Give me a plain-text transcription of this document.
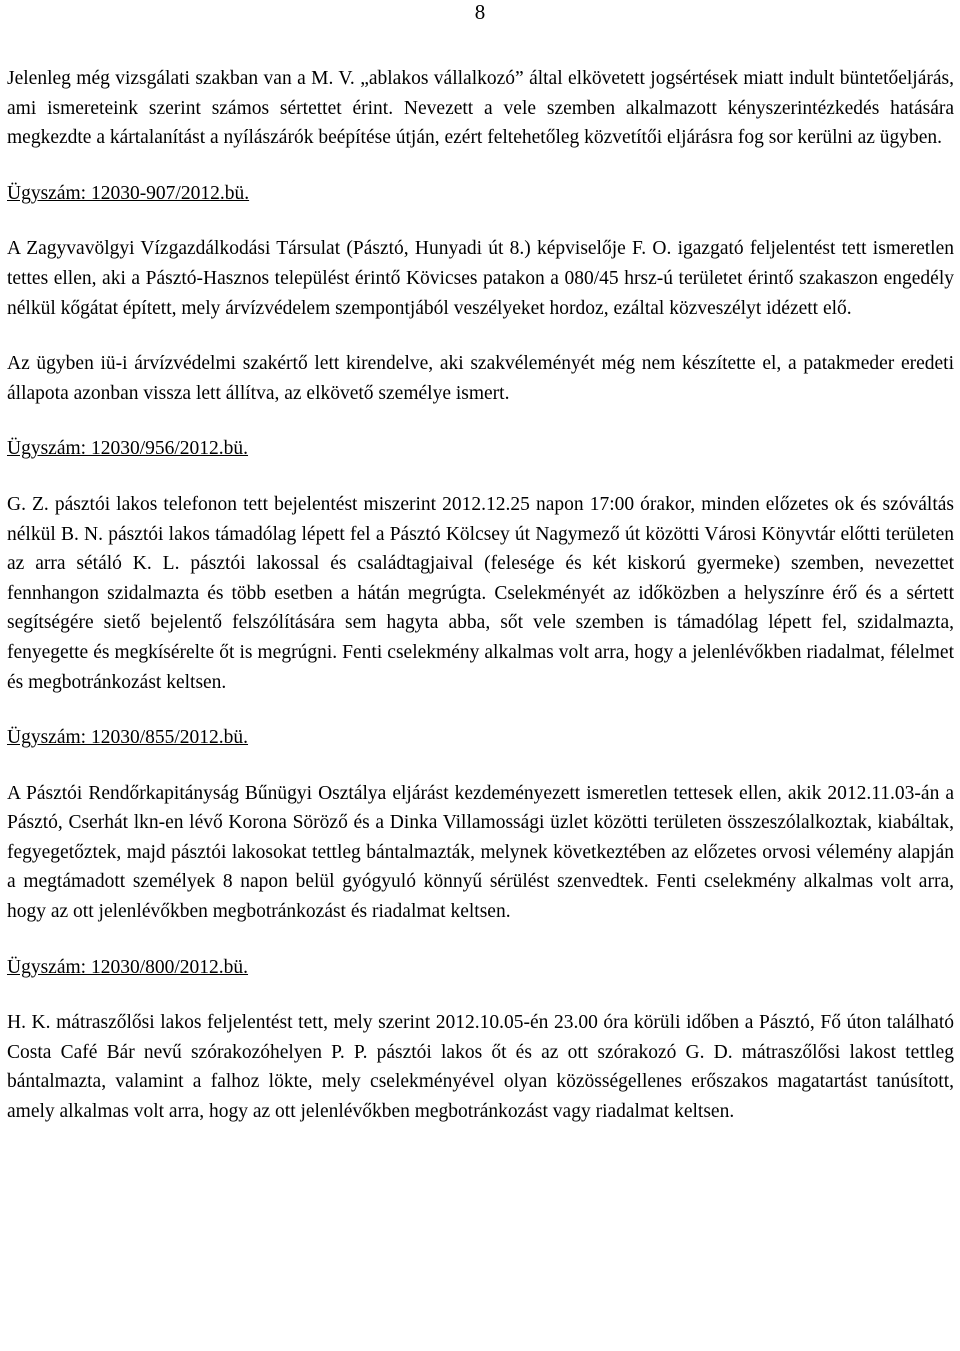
8

Jelenleg még vizsgálati szakban van a M. V. „ablakos vállalkozó” által elkövetett jogsértések miatt indult büntetőeljárás, ami ismereteink szerint számos sértettet érint. Nevezett a vele szemben alkalmazott kényszerintézkedés hatására megkezdte a kártalanítást a nyílászárók beépítése útján, ezért feltehetőleg közvetítői eljárásra fog sor kerülni az ügyben.

Ügyszám: 12030-907/2012.bü.

A Zagyvavölgyi Vízgazdálkodási Társulat (Pásztó, Hunyadi út 8.) képviselője F. O. igazgató feljelentést tett ismeretlen tettes ellen, aki a Pásztó-Hasznos települést érintő Kövicses patakon a 080/45 hrsz-ú területet érintő szakaszon engedély nélkül kőgátat épített, mely árvízvédelem szempontjából veszélyeket hordoz, ezáltal közveszélyt idézett elő.

Az ügyben iü-i árvízvédelmi szakértő lett kirendelve, aki szakvéleményét még nem készítette el, a patakmeder eredeti állapota azonban vissza lett állítva, az elkövető személye ismert.

Ügyszám: 12030/956/2012.bü.

G. Z. pásztói lakos telefonon tett bejelentést miszerint 2012.12.25 napon 17:00 órakor, minden előzetes ok és szóváltás nélkül B. N. pásztói lakos támadólag lépett fel a Pásztó Kölcsey út Nagymező út közötti Városi Könyvtár előtti területen az arra sétáló K. L. pásztói lakossal és családtagjaival (felesége és két kiskorú gyermeke) szemben, nevezettet fennhangon szidalmazta és több esetben a hátán megrúgta. Cselekményét az időközben a helyszínre érő és a sértett segítségére siető bejelentő felszólítására sem hagyta abba, sőt vele szemben is támadólag lépett fel, szidalmazta, fenyegette és megkísérelte őt is megrúgni. Fenti cselekmény alkalmas volt arra, hogy a jelenlévőkben riadalmat, félelmet és megbotránkozást keltsen.

Ügyszám: 12030/855/2012.bü.

A Pásztói Rendőrkapitányság Bűnügyi Osztálya eljárást kezdeményezett ismeretlen tettesek ellen, akik 2012.11.03-án a Pásztó, Cserhát lkn-en lévő Korona Söröző és a Dinka Villamossági üzlet közötti területen összeszólalkoztak, kiabáltak, fegyegetőztek, majd pásztói lakosokat tettleg bántalmazták, melynek következtében az előzetes orvosi vélemény alapján a megtámadott személyek 8 napon belül gyógyuló könnyű sérülést szenvedtek. Fenti cselekmény alkalmas volt arra, hogy az ott jelenlévőkben megbotránkozást és riadalmat keltsen.

Ügyszám: 12030/800/2012.bü.

H. K. mátraszőlősi lakos feljelentést tett, mely szerint 2012.10.05-én 23.00 óra körüli időben a Pásztó, Fő úton található Costa Café Bár nevű szórakozóhelyen P. P. pásztói lakos őt és az ott szórakozó G. D. mátraszőlősi lakost tettleg bántalmazta, valamint a falhoz lökte, mely cselekményével olyan közösségellenes erőszakos magatartást tanúsított, amely alkalmas volt arra, hogy az ott jelenlévőkben megbotránkozást vagy riadalmat keltsen.
